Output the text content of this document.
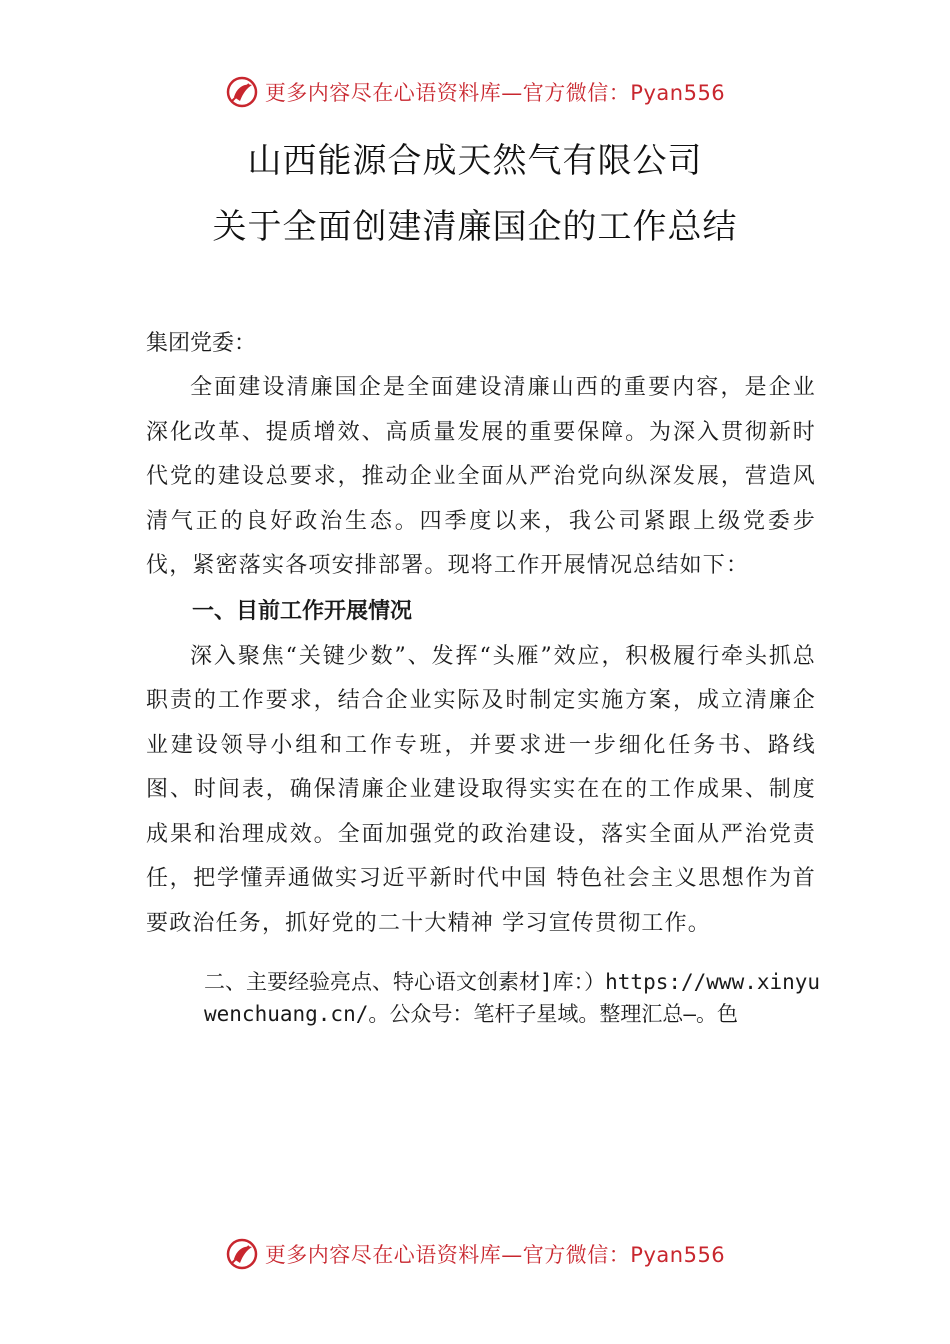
更多内容尽在心语资料库—官方微信：Pyan556
山西能源合成天然气有限公司
关于全面创建清廉国企的工作总结

集团党委：

全面建设清廉国企是全面建设清廉山西的重要内容，是企业深化改革、提质增效、高质量发展的重要保障。为深入贯彻新时代党的建设总要求，推动企业全面从严治党向纵深发展，营造风清气正的良好政治生态。四季度以来，我公司紧跟上级党委步伐，紧密落实各项安排部署。现将工作开展情况总结如下：

一、目前工作开展情况

深入聚焦“关键少数”、发挥“头雁”效应，积极履行牵头抓总职责的工作要求，结合企业实际及时制定实施方案，成立清廉企业建设领导小组和工作专班，并要求进一步细化任务书、路线图、时间表，确保清廉企业建设取得实实在在的工作成果、制度成果和治理成效。全面加强党的政治建设，落实全面从严治党责任，把学懂弄通做实习近平新时代中国 特色社会主义思想作为首要政治任务，抓好党的二十大精神 学习宣传贯彻工作。

二、主要经验亮点、特心语文创素材]库：）https://www.xinyuwenchuang.cn/。公众号：笔杆子星域。整理汇总—。色

更多内容尽在心语资料库—官方微信：Pyan556
